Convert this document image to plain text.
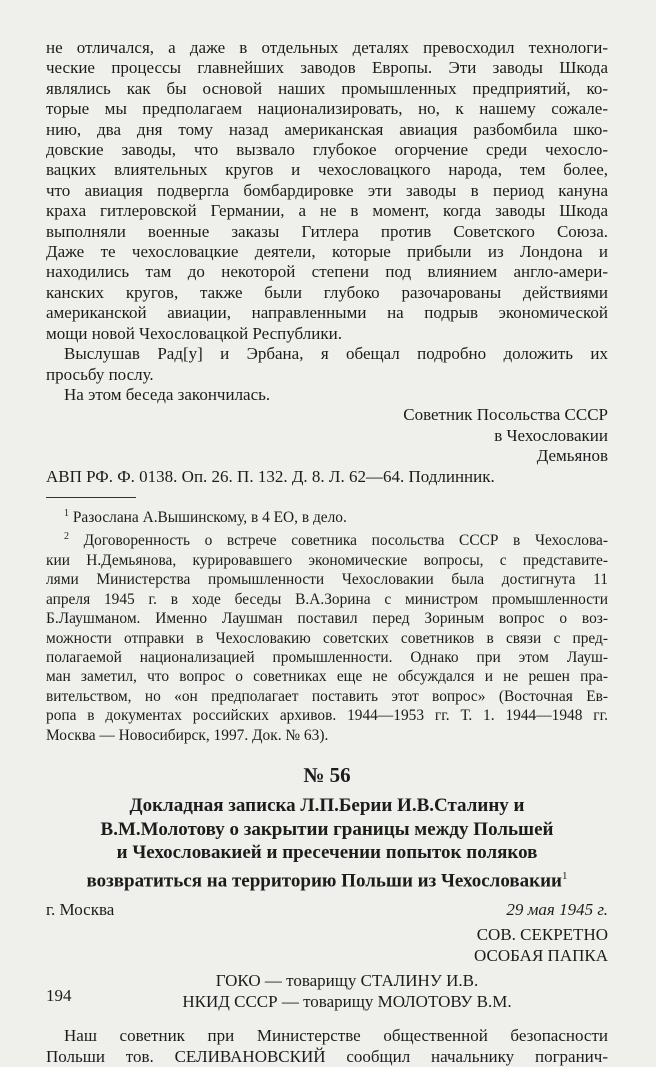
не отличался, а даже в отдельных деталях превосходил технологи-
ческие процессы главнейших заводов Европы. Эти заводы Шкода
являлись как бы основой наших промышленных предприятий, ко-
торые мы предполагаем национализировать, но, к нашему сожале-
нию, два дня тому назад американская авиация разбомбила шко-
довские заводы, что вызвало глубокое огорчение среди чехосло-
вацких влиятельных кругов и чехословацкого народа, тем более,
что авиация подвергла бомбардировке эти заводы в период кануна
краха гитлеровской Германии, а не в момент, когда заводы Шкода
выполняли военные заказы Гитлера против Советского Союза.
Даже те чехословацкие деятели, которые прибыли из Лондона и
находились там до некоторой степени под влиянием англо-амери-
канских кругов, также были глубоко разочарованы действиями
американской авиации, направленными на подрыв экономической
мощи новой Чехословацкой Республики.
Выслушав Рад[у] и Эрбана, я обещал подробно доложить их
просьбу послу.

На этом беседа закончилась.

Советник Посольства СССР

в Чехословакии

Демьянов

АВП РФ. Ф. 0138. Оп. 26. П. 132. Д. 8. Л. 62—64. Подлинник.

$^1$ Разослана А.Вышинскому, в 4 ЕО, в дело.

$^2$ Договоренность о встрече советника посольства СССР в Чехослова-
кии Н.Демьянова, курировавшего экономические вопросы, с представите-
лями Министерства промышленности Чехословакии была достигнута 11
апреля 1945 г. в ходе беседы В.А.Зорина с министром промышленности
Б.Лаушманом. Именно Лаушман поставил перед Зориным вопрос о воз-
можности отправки в Чехословакию советских советников в связи с пред-
полагаемой национализацией промышленности. Однако при этом Лауш-
ман заметил, что вопрос о советниках еще не обсуждался и не решен пра-
вительством, но «он предполагает поставить этот вопрос» (Восточная Ев-
ропа в документах российских архивов. 1944—1953 гг. Т. 1. 1944—1948 гг.
Москва — Новосибирск, 1997. Док. № 63).

№ 56

Докладная записка Л.П.Берии И.В.Сталину и

В.М.Молотову о закрытии границы между Польшей

и Чехословакией и пресечении попыток поляков

возвратиться на территорию Польши из Чехословакии$^1$

г. Москва	29 мая 1945 г.

СОВ. СЕКРЕТНО

ОСОБАЯ ПАПКА

ГОКО — товарищу СТАЛИНУ И.В.
НКИД СССР — товарищу МОЛОТОВУ В.М.
Наш советник при Министерстве общественной безопасности
Польши тов. СЕЛИВАНОВСКИЙ сообщил начальнику погранич-
194
